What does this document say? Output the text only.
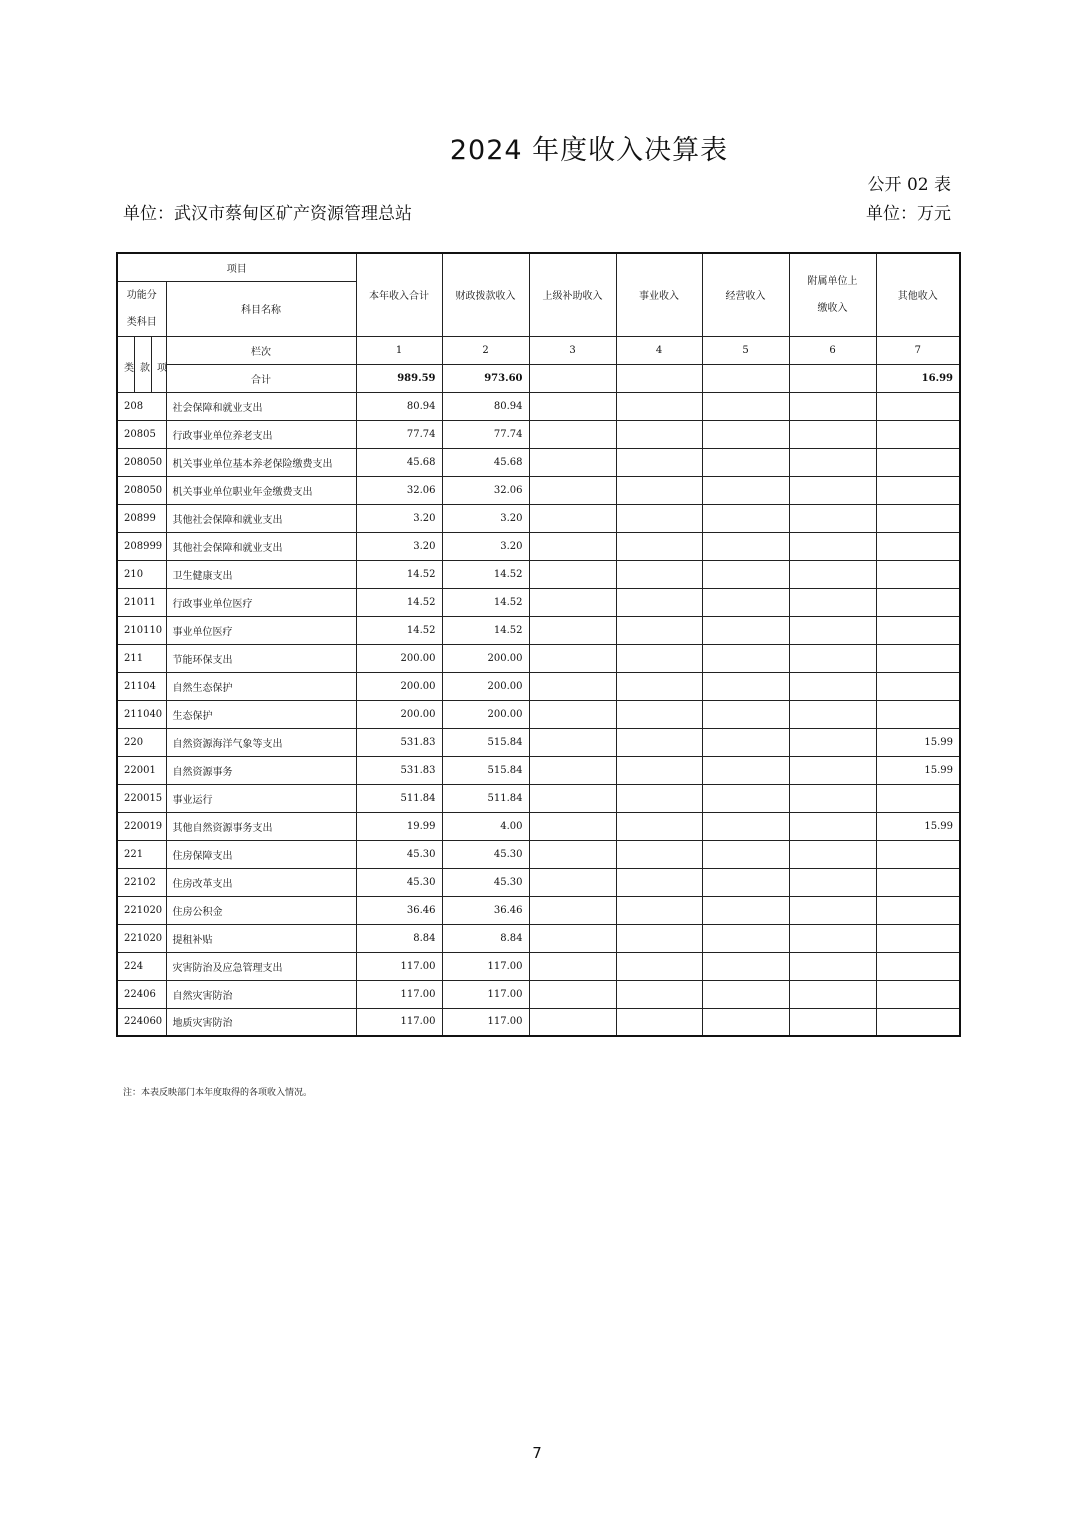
2024 年度收入决算表
公开 02 表
单位：武汉市蔡甸区矿产资源管理总站	单位：万元
项目		本年收入合计	财政拨款收入	上级补助收入	事业收入	经营收入	附属单位上缴收入	其他收入
功能分类科目	科目名称							

类 款 项	栏次	1	2	3	4	5	6	7
	合计	989.59	973.60					16.99
208	社会保障和就业支出	80.94	80.94					
20805	行政事业单位养老支出	77.74	77.74					
208050	机关事业单位基本养老保险缴费支出	45.68	45.68					
208050	机关事业单位职业年金缴费支出	32.06	32.06					
20899	其他社会保障和就业支出	3.20	3.20					
208999	其他社会保障和就业支出	3.20	3.20					
210	卫生健康支出	14.52	14.52					
21011	行政事业单位医疗	14.52	14.52					
210110	事业单位医疗	14.52	14.52					
211	节能环保支出	200.00	200.00					
21104	自然生态保护	200.00	200.00					
211040	生态保护	200.00	200.00					
220	自然资源海洋气象等支出	531.83	515.84					15.99
22001	自然资源事务	531.83	515.84					15.99
220015	事业运行	511.84	511.84					
220019	其他自然资源事务支出	19.99	4.00					15.99
221	住房保障支出	45.30	45.30					
22102	住房改革支出	45.30	45.30					
221020	住房公积金	36.46	36.46					
221020	提租补贴	8.84	8.84					
224	灾害防治及应急管理支出	117.00	117.00					
22406	自然灾害防治	117.00	117.00					
224060	地质灾害防治	117.00	117.00					
注：本表反映部门本年度取得的各项收入情况。
7
